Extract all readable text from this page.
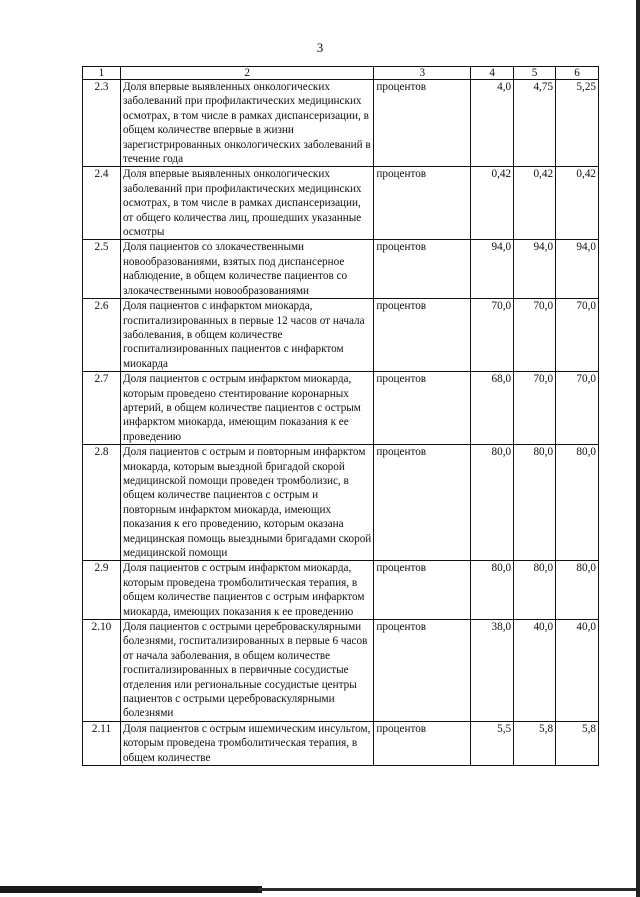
3
1	2	3	4	5	6
2.3	Доля впервые выявленных онкологических заболеваний при профилактических медицинских осмотрах, в том числе в рамках диспансеризации, в общем количестве впервые в жизни зарегистрированных онкологических заболеваний в течение года	процентов	4,0	4,75	5,25
2.4	Доля впервые выявленных онкологических заболеваний при профилактических медицинских осмотрах, в том числе в рамках диспансеризации, от общего количества лиц, прошедших указанные осмотры	процентов	0,42	0,42	0,42
2.5	Доля пациентов со злокачественными новообразованиями, взятых под диспансерное наблюдение, в общем количестве пациентов со злокачественными новообразованиями	процентов	94,0	94,0	94,0
2.6	Доля пациентов с инфарктом миокарда, госпитализированных в первые 12 часов от начала заболевания, в общем количестве госпитализированных пациентов с инфарктом миокарда	процентов	70,0	70,0	70,0
2.7	Доля пациентов с острым инфарктом миокарда, которым проведено стентирование коронарных артерий, в общем количестве пациентов с острым инфарктом миокарда, имеющим показания к ее проведению	процентов	68,0	70,0	70,0
2.8	Доля пациентов с острым и повторным инфарктом миокарда, которым выездной бригадой скорой медицинской помощи проведен тромболизис, в общем количестве пациентов с острым и повторным инфарктом миокарда, имеющих показания к его проведению, которым оказана медицинская помощь выездными бригадами скорой медицинской помощи	процентов	80,0	80,0	80,0
2.9	Доля пациентов с острым инфарктом миокарда, которым проведена тромболитическая терапия, в общем количестве пациентов с острым инфарктом миокарда, имеющих показания к ее проведению	процентов	80,0	80,0	80,0
2.10	Доля пациентов с острыми цереброваскулярными болезнями, госпитализированных в первые 6 часов от начала заболевания, в общем количестве госпитализированных в первичные сосудистые отделения или региональные сосудистые центры пациентов с острыми цереброваскулярными болезнями	процентов	38,0	40,0	40,0
2.11	Доля пациентов с острым ишемическим инсультом, которым проведена тромболитическая терапия, в общем количестве	процентов	5,5	5,8	5,8
